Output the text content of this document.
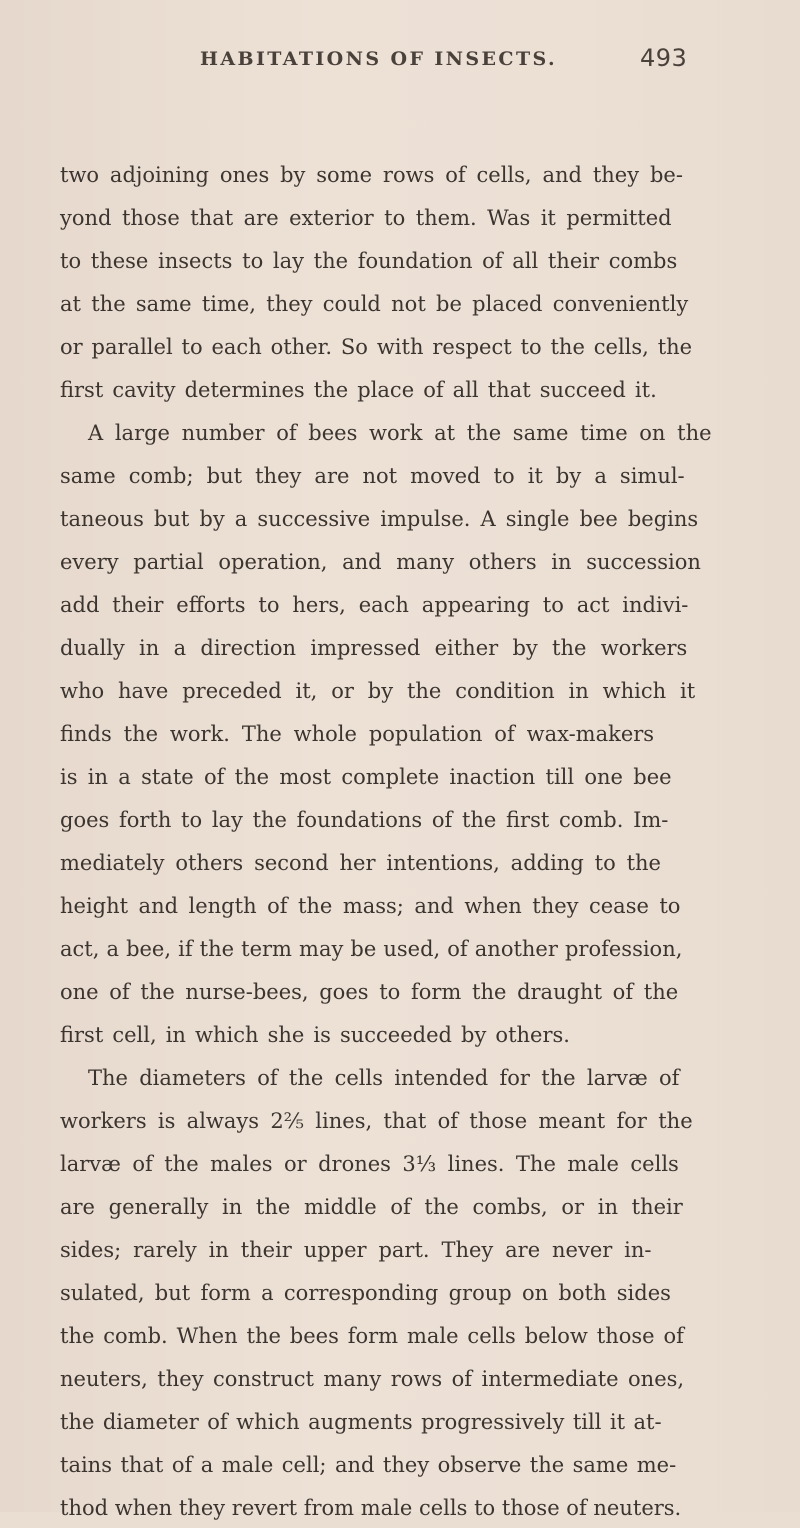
HABITATIONS OF INSECTS.	493
two adjoining ones by some rows of cells, and they be-
yond those that are exterior to them. Was it permitted
to these insects to lay the foundation of all their combs
at the same time, they could not be placed conveniently
or parallel to each other. So with respect to the cells, the
first cavity determines the place of all that succeed it.
A large number of bees work at the same time on the
same comb; but they are not moved to it by a simul-
taneous but by a successive impulse. A single bee begins
every partial operation, and many others in succession
add their efforts to hers, each appearing to act indivi-
dually in a direction impressed either by the workers
who have preceded it, or by the condition in which it
finds the work. The whole population of wax-makers
is in a state of the most complete inaction till one bee
goes forth to lay the foundations of the first comb. Im-
mediately others second her intentions, adding to the
height and length of the mass; and when they cease to
act, a bee, if the term may be used, of another profession,
one of the nurse-bees, goes to form the draught of the
first cell, in which she is succeeded by others.
The diameters of the cells intended for the larvæ of
workers is always 2⅖ lines, that of those meant for the
larvæ of the males or drones 3⅓ lines. The male cells
are generally in the middle of the combs, or in their
sides; rarely in their upper part. They are never in-
sulated, but form a corresponding group on both sides
the comb. When the bees form male cells below those of
neuters, they construct many rows of intermediate ones,
the diameter of which augments progressively till it at-
tains that of a male cell; and they observe the same me-
thod when they revert from male cells to those of neuters.
